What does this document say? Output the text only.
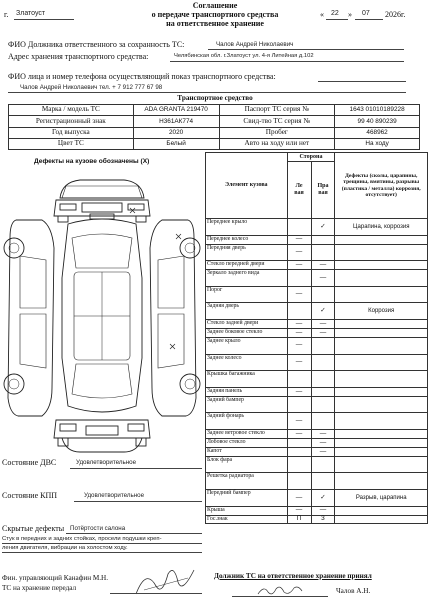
г. Златоуст
Соглашение
о передаче транспортного средства
на ответственное хранение
« 22 » 07 2026г.
ФИО Должника ответственного за сохранность ТС:	Чалов Андрей Николаевич
Адрес хранения транспортного средства:	Челябинская обл. г.Златоуст ул. 4-я Литейная д.102
ФИО лица и номер телефона осуществляющий показ транспортного средства:
Чалов Андрей Николаевич тел. + 7 912 777 67 98
Транспортное средство
Марка / модель ТС	ADA GRANTA 219470	Паспорт ТС серия №	1643 01010189228
Регистрационный знак	Н361АК774	Свид-тво ТС серия №	99 40 890239
Год выпуска	2020	Пробег	468962
Цвет ТС	Белый	Авто на ходу или нет	На ходу
Дефекты на кузове обозначены (Х)
Элемент кузова	Сторона		Дефекты (сколы, царапины, трещины, вмятины, разрывы (пластика / металла) коррозия, отсутствует)
	Ле
вая	Пра
вая	
Переднее крыло		✓	Царапина, коррозия
Переднее колесо	—		
Передняя дверь	—		
Стекло передней двери	—	—	
Зеркало заднего вида		—	
Порог	—		
Задняя дверь		✓	Коррозия
Стекло задней двери	—	—	
Заднее боковое стекло	—	—	
Заднее крыло	—		
Заднее колесо	—		
Крышка багажника			
Задняя панель	—		
Задний бампер			
Задний фонарь	—		
Заднее ветровое стекло	—	—	
Лобовое стекло		—	
Капот		—	
Блок фара			
Решетка радиатора			
Передний бампер	—	✓	Разрыв, царапина
Крыша	—	—	
Гос.знак	П	3	
Состояние ДВС	Удовлетворительное
Состояние КПП	Удовлетворительное
Скрытые дефекты Потёртости салона
Стук в передних и задних стойках, просели подушки креп-
ления двигателя, вибрации на холостом ходу.
Фин. управляющий Канафин М.Н.
ТС на хранение передал
Должник ТС на ответственное хранение принял
Чалов А.Н.
